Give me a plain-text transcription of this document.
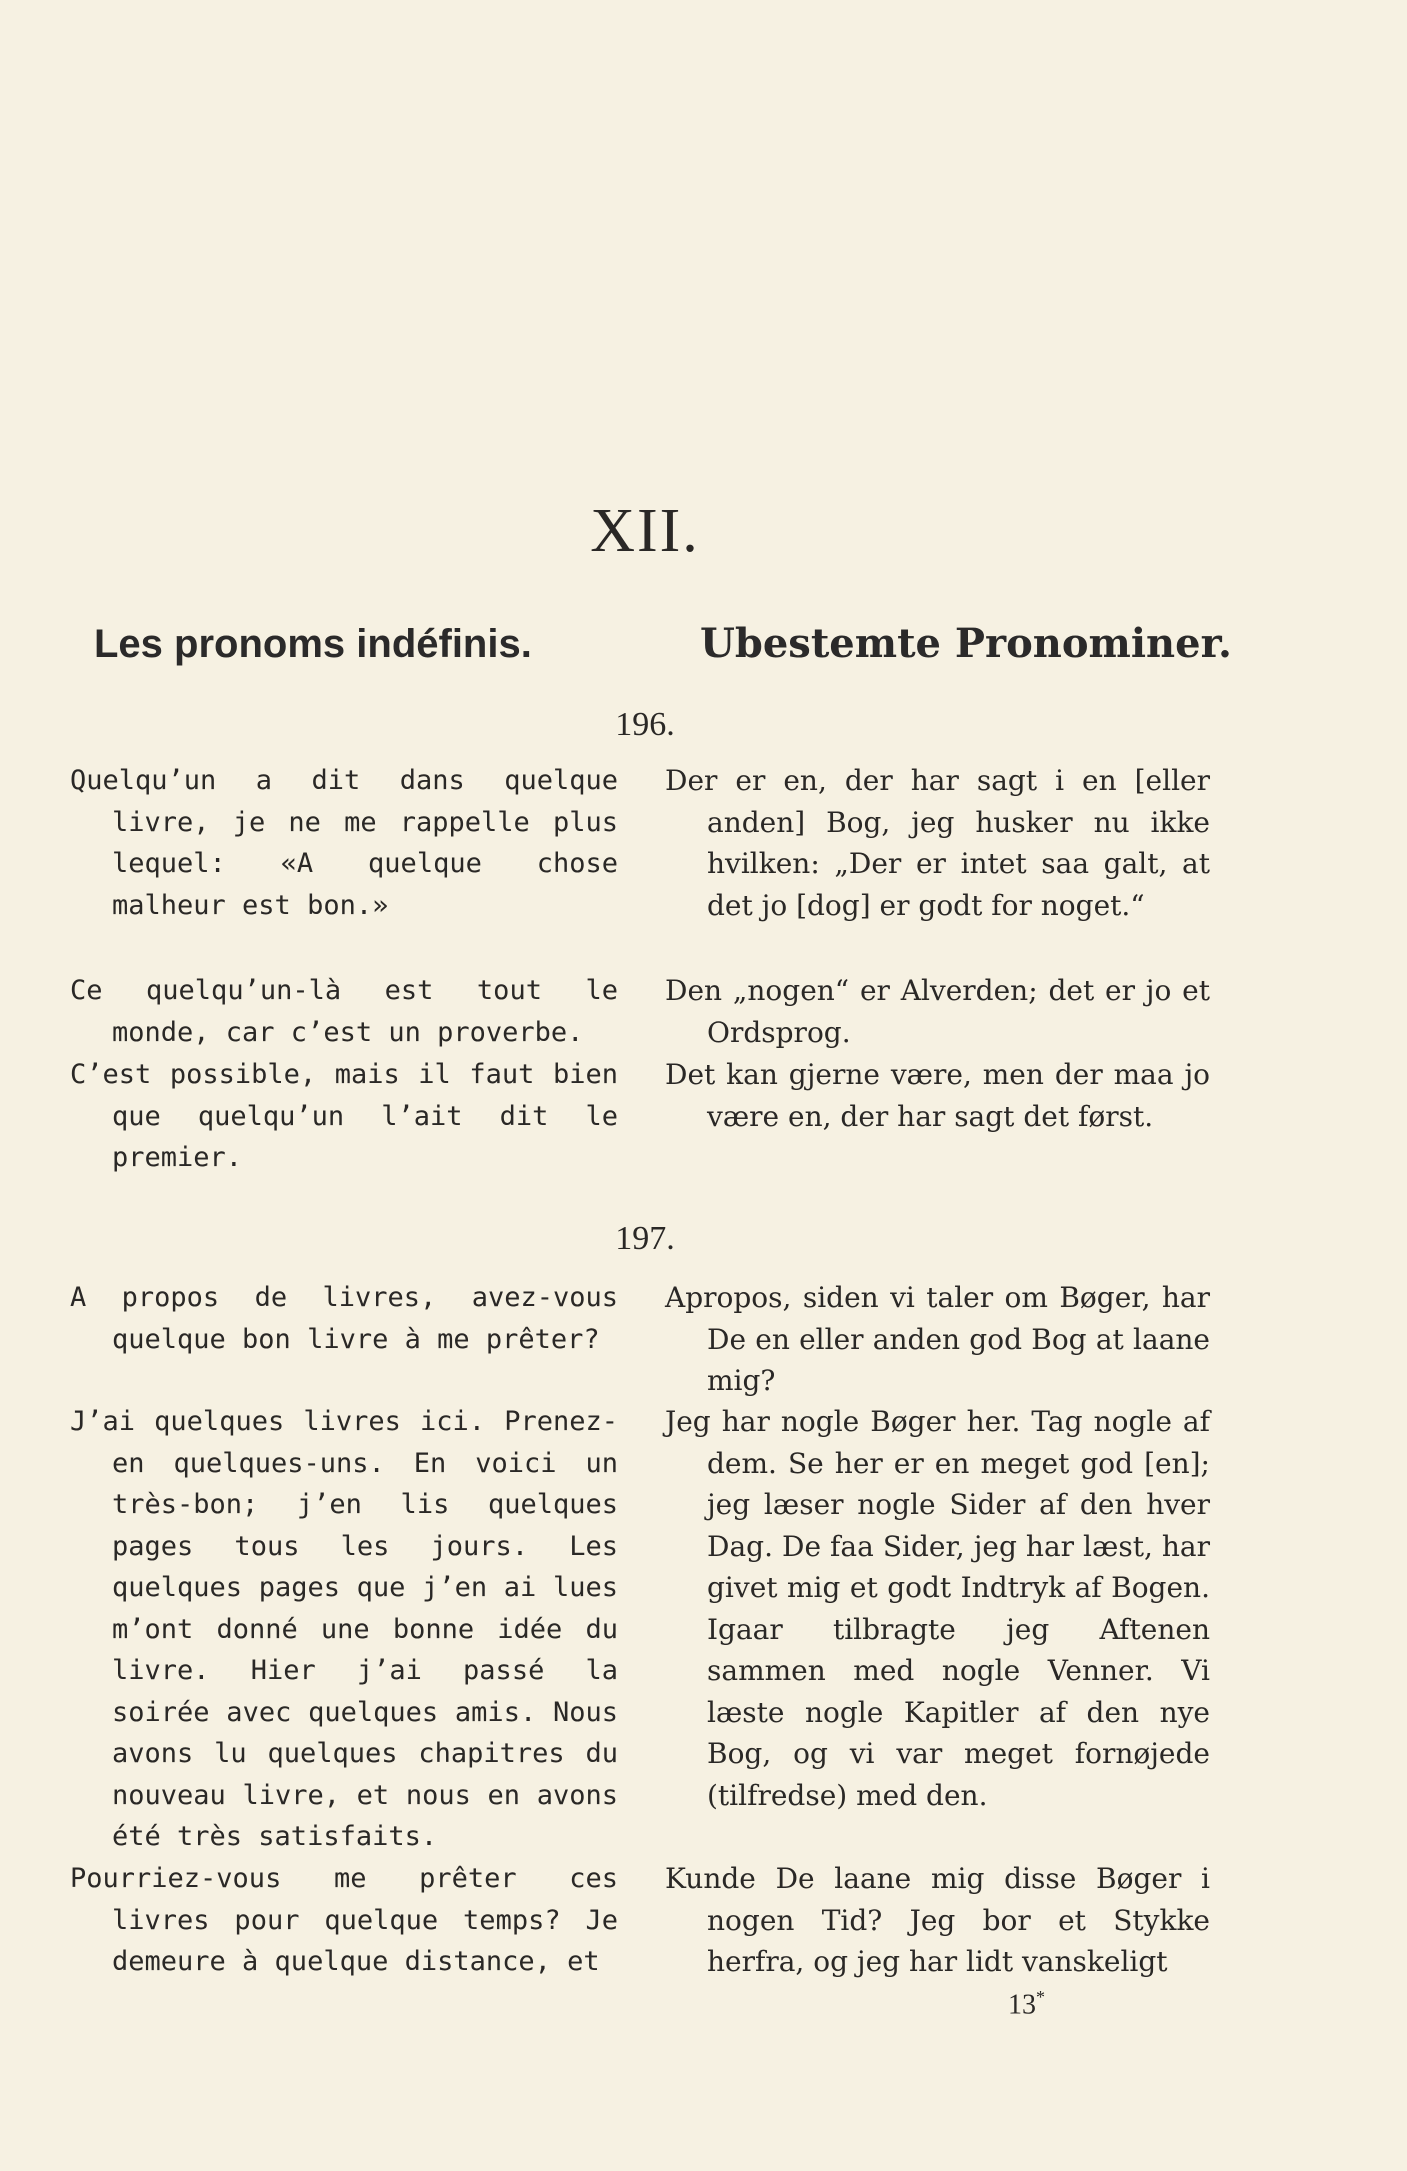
XII.
Les pronoms indéfinis.	Ubestemte Pronominer.
196.
Quelqu’un a dit dans quelque livre, je ne me rappelle plus lequel: «A quelque chose malheur est bon.»
Ce quelqu’un-là est tout le monde, car c’est un proverbe.
C’est possible, mais il faut bien que quelqu’un l’ait dit le premier.
Der er en, der har sagt i en [eller anden] Bog, jeg husker nu ikke hvilken: „Der er intet saa galt, at det jo [dog] er godt for noget.“
Den „nogen“ er Alverden; det er jo et Ordsprog.
Det kan gjerne være, men der maa jo være en, der har sagt det først.
197.
A propos de livres, avez-vous quelque bon livre à me prêter?
J’ai quelques livres ici. Prenez-en quelques-uns. En voici un très-bon; j’en lis quelques pages tous les jours. Les quelques pages que j’en ai lues m’ont donné une bonne idée du livre. Hier j’ai passé la soirée avec quelques amis. Nous avons lu quelques chapitres du nouveau livre, et nous en avons été très satisfaits.
Pourriez-vous me prêter ces livres pour quelque temps? Je demeure à quelque distance, et
Apropos, siden vi taler om Bøger, har De en eller anden god Bog at laane mig?
Jeg har nogle Bøger her. Tag nogle af dem. Se her er en meget god [en]; jeg læser nogle Sider af den hver Dag. De faa Sider, jeg har læst, har givet mig et godt Indtryk af Bogen. Igaar tilbragte jeg Aftenen sammen med nogle Venner. Vi læste nogle Kapitler af den nye Bog, og vi var meget fornøjede (tilfredse) med den.
Kunde De laane mig disse Bøger i nogen Tid? Jeg bor et Stykke herfra, og jeg har lidt vanskeligt
13*
